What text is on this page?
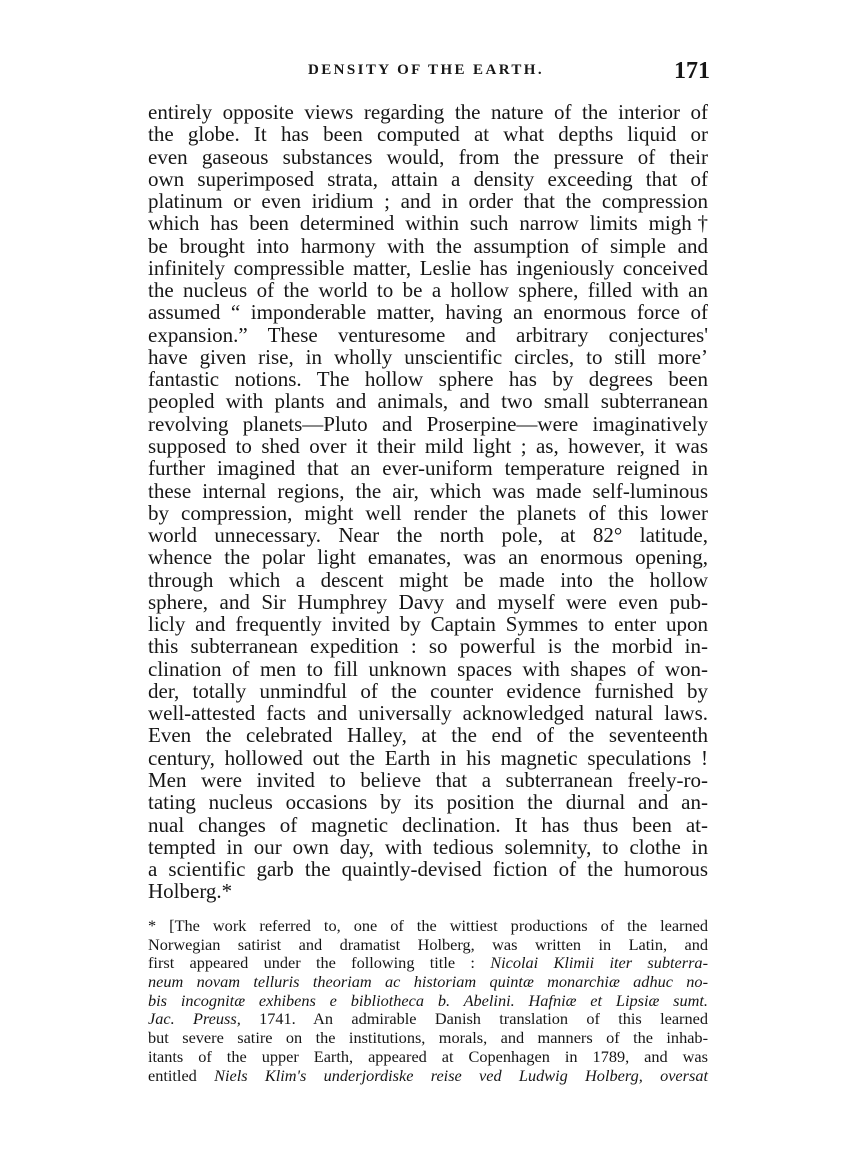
DENSITY OF THE EARTH.	171
entirely opposite views regarding the nature of the interior of
the globe. It has been computed at what depths liquid or
even gaseous substances would, from the pressure of their
own superimposed strata, attain a density exceeding that of
platinum or even iridium ; and in order that the compression
which has been determined within such narrow limits migh†
be brought into harmony with the assumption of simple and
infinitely compressible matter, Leslie has ingeniously conceived
the nucleus of the world to be a hollow sphere, filled with an
assumed “ imponderable matter, having an enormous force of
expansion.” These venturesome and arbitrary conjectures'
have given rise, in wholly unscientific circles, to still more’
fantastic notions. The hollow sphere has by degrees been
peopled with plants and animals, and two small subterranean
revolving planets—Pluto and Proserpine—were imaginatively
supposed to shed over it their mild light ; as, however, it was
further imagined that an ever-uniform temperature reigned in
these internal regions, the air, which was made self-luminous
by compression, might well render the planets of this lower
world unnecessary. Near the north pole, at 82° latitude,
whence the polar light emanates, was an enormous opening,
through which a descent might be made into the hollow
sphere, and Sir Humphrey Davy and myself were even pub-
licly and frequently invited by Captain Symmes to enter upon
this subterranean expedition : so powerful is the morbid in-
clination of men to fill unknown spaces with shapes of won-
der, totally unmindful of the counter evidence furnished by
well-attested facts and universally acknowledged natural laws.
Even the celebrated Halley, at the end of the seventeenth
century, hollowed out the Earth in his magnetic speculations !
Men were invited to believe that a subterranean freely-ro-
tating nucleus occasions by its position the diurnal and an-
nual changes of magnetic declination. It has thus been at-
tempted in our own day, with tedious solemnity, to clothe in
a scientific garb the quaintly-devised fiction of the humorous
Holberg.*
* [The work referred to, one of the wittiest productions of the learned
Norwegian satirist and dramatist Holberg, was written in Latin, and
first appeared under the following title : Nicolai Klimii iter subterra-
neum novam telluris theoriam ac historiam quintæ monarchiæ adhuc no-
bis incognitæ exhibens e bibliotheca b. Abelini. Hafniæ et Lipsiæ sumt.
Jac. Preuss, 1741. An admirable Danish translation of this learned
but severe satire on the institutions, morals, and manners of the inhab-
itants of the upper Earth, appeared at Copenhagen in 1789, and was
entitled Niels Klim's underjordiske reise ved Ludwig Holberg, oversat
